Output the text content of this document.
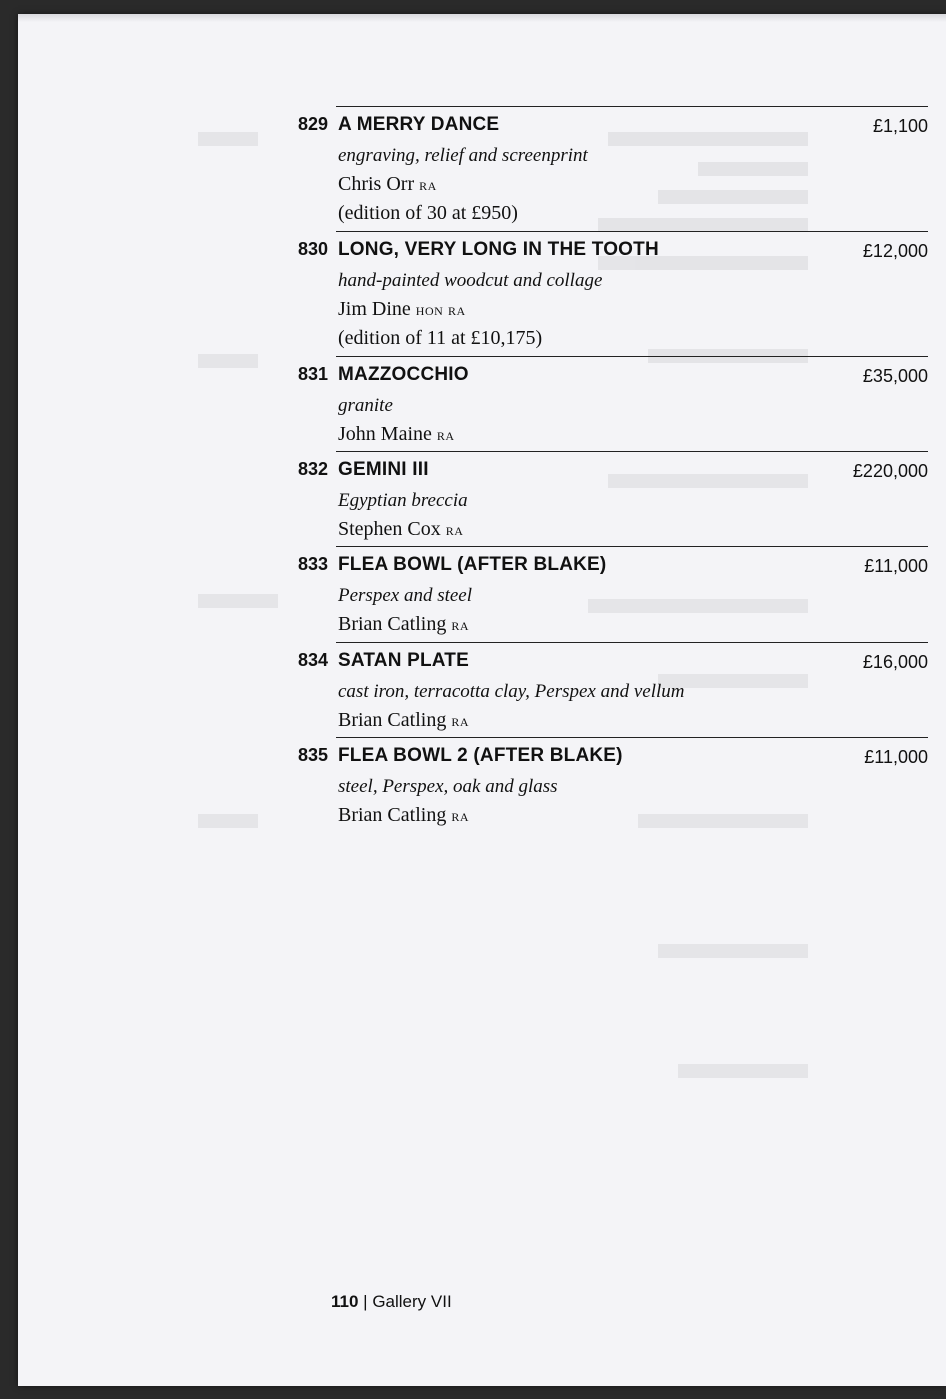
829 A MERRY DANCE	£1,100
engraving, relief and screenprint
Chris Orr ra
(edition of 30 at £950)
830 LONG, VERY LONG IN THE TOOTH	£12,000
hand-painted woodcut and collage
Jim Dine hon ra
(edition of 11 at £10,175)
831 MAZZOCCHIO	£35,000
granite
John Maine ra
832 GEMINI III	£220,000
Egyptian breccia
Stephen Cox ra
833 FLEA BOWL (AFTER BLAKE)	£11,000
Perspex and steel
Brian Catling ra
834 SATAN PLATE	£16,000
cast iron, terracotta clay, Perspex and vellum
Brian Catling ra
835 FLEA BOWL 2 (AFTER BLAKE)	£11,000
steel, Perspex, oak and glass
Brian Catling ra
110 | Gallery VII
